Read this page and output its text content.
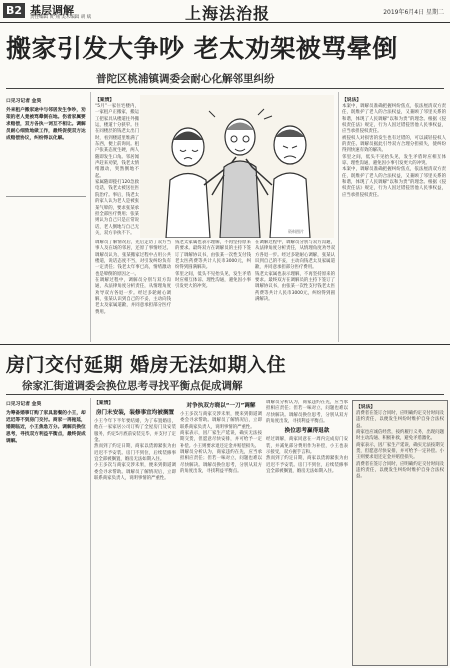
B2 基层调解
责任编辑 黄 翔 美术编辑 胡 斌	上海法治报	2019年6月4日 星期二
搬家引发大争吵 老太劝架被骂晕倒
普陀区桃浦镇调委会耐心化解邻里纠纷
口见习记者 金昊
外来租户搬家途中与邻居发生争吵，劝架的老人竟被骂晕倒在地。伤者家属要求赔偿，双方各执一词互不相让。调解员耐心细致地做工作，最终促使双方达成赔偿协议，纠纷得以化解。
资料图片
【案情】
“5月”一家住宅楼内，一家租户正搬家，搬运工把家具从楼道往外搬运，楼道十分狭窄。住在同楼层的钱老太出门时，看到楼道里堆满了东西，便上前询问。租户张某态度生硬，两人随即发生口角。邻居闻声赶来劝架，钱老太情绪激动，突然倒地不起。
家属随即拨打120急救电话，钱老太被送往医院治疗。事后，钱老太的家人认为老人是被张某气晕的，要求张某承担全部医疗费用；张某则认为自己只是正常说话，老人倒地与自己无关，双方争执不下。
调解员了解情况后，先后走访了双方当事人及在场的邻居，还原了事情经过。调解员认为，张某搬家过程中占用公共楼道，说话态度不当，对引发纠纷负有一定责任；钱老太年事已高，情绪激动也是晕倒的原因之一。
在调解过程中，调解员分别与双方沟通，从法律角度分析责任，从情理角度劝导双方各退一步。经过多轮耐心调解，张某认识到自己的不妥，主动向钱老太及家属道歉，并同意承担部分医疗费用。
钱老太家属也表示理解，不再坚持原来的要求。最终双方在调解员的主持下签订了调解协议书，由张某一次性支付钱老太医药费等共计人民币3000元，纠纷得到圆满解决。
邻里之间，低头不见抬头见，发生矛盾时应相互体谅、理性沟通，避免因小事引发更大的冲突。
在调解过程中，调解员分别与双方沟通，从法律角度分析责任，从情理角度劝导双方各退一步。经过多轮耐心调解，张某认识到自己的不妥，主动向钱老太及家属道歉，并同意承担部分医疗费用。
钱老太家属也表示理解，不再坚持原来的要求。最终双方在调解员的主持下签订了调解协议书，由张某一次性支付钱老太医药费等共计人民币3000元，纠纷得到圆满解决。
【说法】
本案中，调解员准确把握纠纷焦点，依法厘清双方责任，既维护了老人的合法权益，又兼顾了邻里关系的和谐，体现了人民调解“以和为贵”的理念。根据《侵权责任法》规定，行为人因过错侵害他人民事权益，应当承担侵权责任。
被侵权人对损害的发生也有过错的，可以减轻侵权人的责任。调解员据此引导双方合理分担损失，使纠纷得到快速有效的解决。
邻里之间，低头不见抬头见，发生矛盾时应相互体谅、理性沟通，避免因小事引发更大的冲突。
本案中，调解员准确把握纠纷焦点，依法厘清双方责任，既维护了老人的合法权益，又兼顾了邻里关系的和谐，体现了人民调解“以和为贵”的理念。根据《侵权责任法》规定，行为人因过错侵害他人民事权益，应当承担侵权责任。
房门交付延期 婚房无法如期入住
徐家汇街道调委会换位思考寻找平衡点促成调解
口见习记者 金昊
为筹备婚事订购了家具套餐的小王，却迟迟等不到房门交付。商家一再拖延，婚期临近，小王焦急万分。调解员换位思考，寻找双方利益平衡点，最终促成调解。
【案情】
房门未安装，装修事宜均被搁置
小王今年下半年要结婚，为了布置婚房，他在一家家居公司订购了全屋房门及安装服务，约定5月底前安装完毕，并支付了定金。
然而到了约定日期，商家以货源紧张为由迟迟不予安装。房门不到位，后续装修事宜全部被搁置，婚房无法如期入住。
小王多次与商家交涉未果，便来到街道调委会寻求帮助。调解员了解情况后，立即联系商家负责人，说明事情的严重性。
对争执双方晓以“一刀”调解
小王多次与商家交涉未果，便来到街道调委会寻求帮助。调解员了解情况后，立即联系商家负责人，说明事情的严重性。
商家表示，因厂家生产延误，确实无法按期交货，但愿意尽快安排，并可给予一定补偿。小王则要求退还定金并赔偿损失。
调解员分析认为，商家违约在先，应当承担相应责任；但若一味对立，问题也难以尽快解决。调解员换位思考，分别从双方的角度出发，寻找利益平衡点。
调解员分析认为，商家违约在先，应当承担相应责任；但若一味对立，问题也难以尽快解决。调解员换位思考，分别从双方的角度出发，寻找利益平衡点。
换位思考赢得退款
经过调解，商家同意在一周内完成房门安装，并减免部分费用作为补偿，小王也表示接受，双方握手言和。
然而到了约定日期，商家以货源紧张为由迟迟不予安装。房门不到位，后续装修事宜全部被搁置，婚房无法如期入住。
【说法】
消费者在签订合同时，应明确约定交付时间及违约责任，以便发生纠纷时维护自身合法权益。
商家也应诚信经营，按约履行义务，出现问题时主动沟通、积极补救，避免矛盾激化。
商家表示，因厂家生产延误，确实无法按期交货，但愿意尽快安排，并可给予一定补偿。小王则要求退还定金并赔偿损失。
消费者在签订合同时，应明确约定交付时间及违约责任，以便发生纠纷时维护自身合法权益。
